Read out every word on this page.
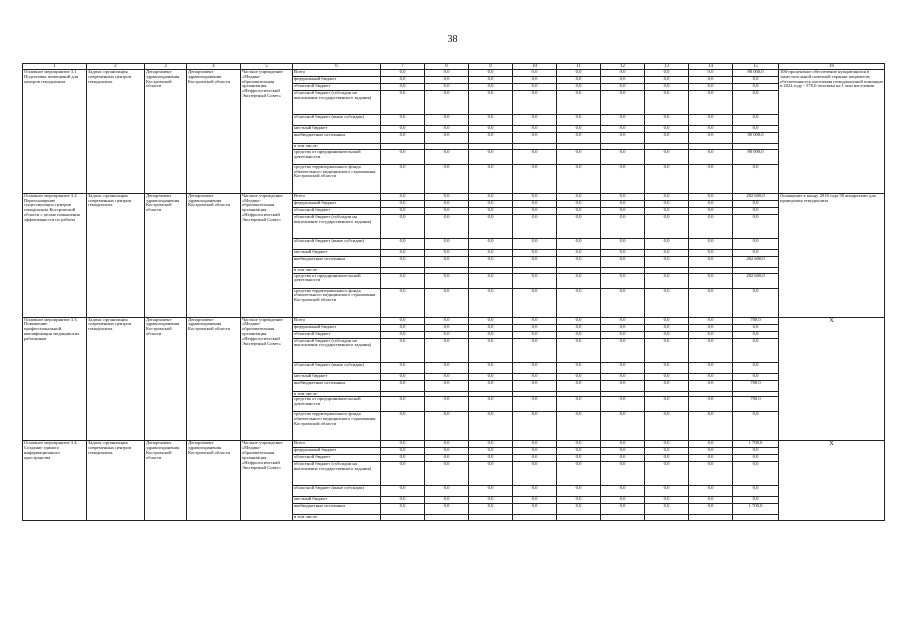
38
1	2	3	4	5	6	7	8	9	10	11	12	13	14	15	16
Основное мероприятие 3.1 Подготовка помещений для центров гемодиализа	Задача: организация современных центров гемодиализа	Департамент здравоохранения Костромской области	Департамент здравоохранения Костромской области	Частное учреждение «Медико-образовательная организация «Нефрологический Экспертный Совет»	Всего	0,0	0,0	0,0	0,0	0,0	0,0	0,0	0,0	80 000,0	100-процентное обеспечение нуждающихся в заместительной почечной терапии пациентов; обеспеченность населения гемодиализной помощью в 2024 году - 578,0 человека на 1 млн населения
					федеральный бюджет	0,0	0,0	0,0	0,0	0,0	0,0	0,0	0,0	0,0	
					областной бюджет	0,0	0,0	0,0	0,0	0,0	0,0	0,0	0,0	0,0	
					областной бюджет (субсидии на выполнение государственного задания)	0,0	0,0	0,0	0,0	0,0	0,0	0,0	0,0	0,0	
					областной бюджет (иные субсидии)	0,0	0,0	0,0	0,0	0,0	0,0	0,0	0,0	0,0	
					местный бюджет	0,0	0,0	0,0	0,0	0,0	0,0	0,0	0,0	0,0	
					внебюджетные источники	0,0	0,0	0,0	0,0	0,0	0,0	0,0	0,0	80 000,0	
					в том числе:										
					средства от предпринимательской деятельности	0,0	0,0	0,0	0,0	0,0	0,0	0,0	0,0	80 000,0	
					средства территориального фонда обязательного медицинского страхования Костромской области	0,0	0,0	0,0	0,0	0,0	0,0	0,0	0,0	0,0	
Основное мероприятие 3.2. Переоснащение существующих центров гемодиализа Костромской области с целью повышения эффективности их работы	Задача: организация современных центров гемодиализа	Департамент здравоохранения Костромской области	Департамент здравоохранения Костромской области	Частное учреждение «Медико-образовательная организация «Нефрологический Экспертный Совет»	Всего	0,0	0,0	0,0	0,0	0,0	0,0	0,0	0,0	282 600,0	Оснащение к концу 2018 года 58 аппаратами для проведения гемодиализа
					федеральный бюджет	0,0	0,0	0,0	0,0	0,0	0,0	0,0	0,0	0,0	
					областной бюджет	0,0	0,0	0,0	0,0	0,0	0,0	0,0	0,0	0,0	
					областной бюджет (субсидии на выполнение государственного задания)	0,0	0,0	0,0	0,0	0,0	0,0	0,0	0,0	0,0	
					областной бюджет (иные субсидии)	0,0	0,0	0,0	0,0	0,0	0,0	0,0	0,0	0,0	
					местный бюджет	0,0	0,0	0,0	0,0	0,0	0,0	0,0	0,0	0,0	
					внебюджетные источники	0,0	0,0	0,0	0,0	0,0	0,0	0,0	0,0	282 600,0	
					в том числе:										
					средства от предпринимательской деятельности	0,0	0,0	0,0	0,0	0,0	0,0	0,0	0,0	282 600,0	
					средства территориального фонда обязательного медицинского страхования Костромской области	0,0	0,0	0,0	0,0	0,0	0,0	0,0	0,0	0,0	
Основное мероприятие 3.3. Повышение профессиональной квалификации медицинских работников	Задача: организация современных центров гемодиализа	Департамент здравоохранения Костромской области	Департамент здравоохранения Костромской области	Частное учреждение «Медико-образовательная организация «Нефрологический Экспертный Совет»	Всего	0,0	0,0	0,0	0,0	0,0	0,0	0,0	0,0	700,0	X
					федеральный бюджет	0,0	0,0	0,0	0,0	0,0	0,0	0,0	0,0	0,0	
					областной бюджет	0,0	0,0	0,0	0,0	0,0	0,0	0,0	0,0	0,0	
					областной бюджет (субсидии на выполнение государственного задания)	0,0	0,0	0,0	0,0	0,0	0,0	0,0	0,0	0,0	
					областной бюджет (иные субсидии)	0,0	0,0	0,0	0,0	0,0	0,0	0,0	0,0	0,0	
					местный бюджет	0,0	0,0	0,0	0,0	0,0	0,0	0,0	0,0	0,0	
					внебюджетные источники	0,0	0,0	0,0	0,0	0,0	0,0	0,0	0,0	700,0	
					в том числе:										
					средства от предпринимательской деятельности	0,0	0,0	0,0	0,0	0,0	0,0	0,0	0,0	700,0	
					средства территориального фонда обязательного медицинского страхования Костромской области	0,0	0,0	0,0	0,0	0,0	0,0	0,0	0,0	0,0	
Основное мероприятие 3.4. Создание единого информационного пространства	Задача: организация современных центров гемодиализа	Департамент здравоохранения Костромской области	Департамент здравоохранения Костромской области	Частное учреждение «Медико-образовательная организация «Нефрологический Экспертный Совет»	Всего	0,0	0,0	0,0	0,0	0,0	0,0	0,0	0,0	1 700,0	X
					федеральный бюджет	0,0	0,0	0,0	0,0	0,0	0,0	0,0	0,0	0,0	
					областной бюджет	0,0	0,0	0,0	0,0	0,0	0,0	0,0	0,0	0,0	
					областной бюджет (субсидии на выполнение государственного задания)	0,0	0,0	0,0	0,0	0,0	0,0	0,0	0,0	0,0	
					областной бюджет (иные субсидии)	0,0	0,0	0,0	0,0	0,0	0,0	0,0	0,0	0,0	
					местный бюджет	0,0	0,0	0,0	0,0	0,0	0,0	0,0	0,0	0,0	
					внебюджетные источники	0,0	0,0	0,0	0,0	0,0	0,0	0,0	0,0	1 700,0	
					в том числе:										
